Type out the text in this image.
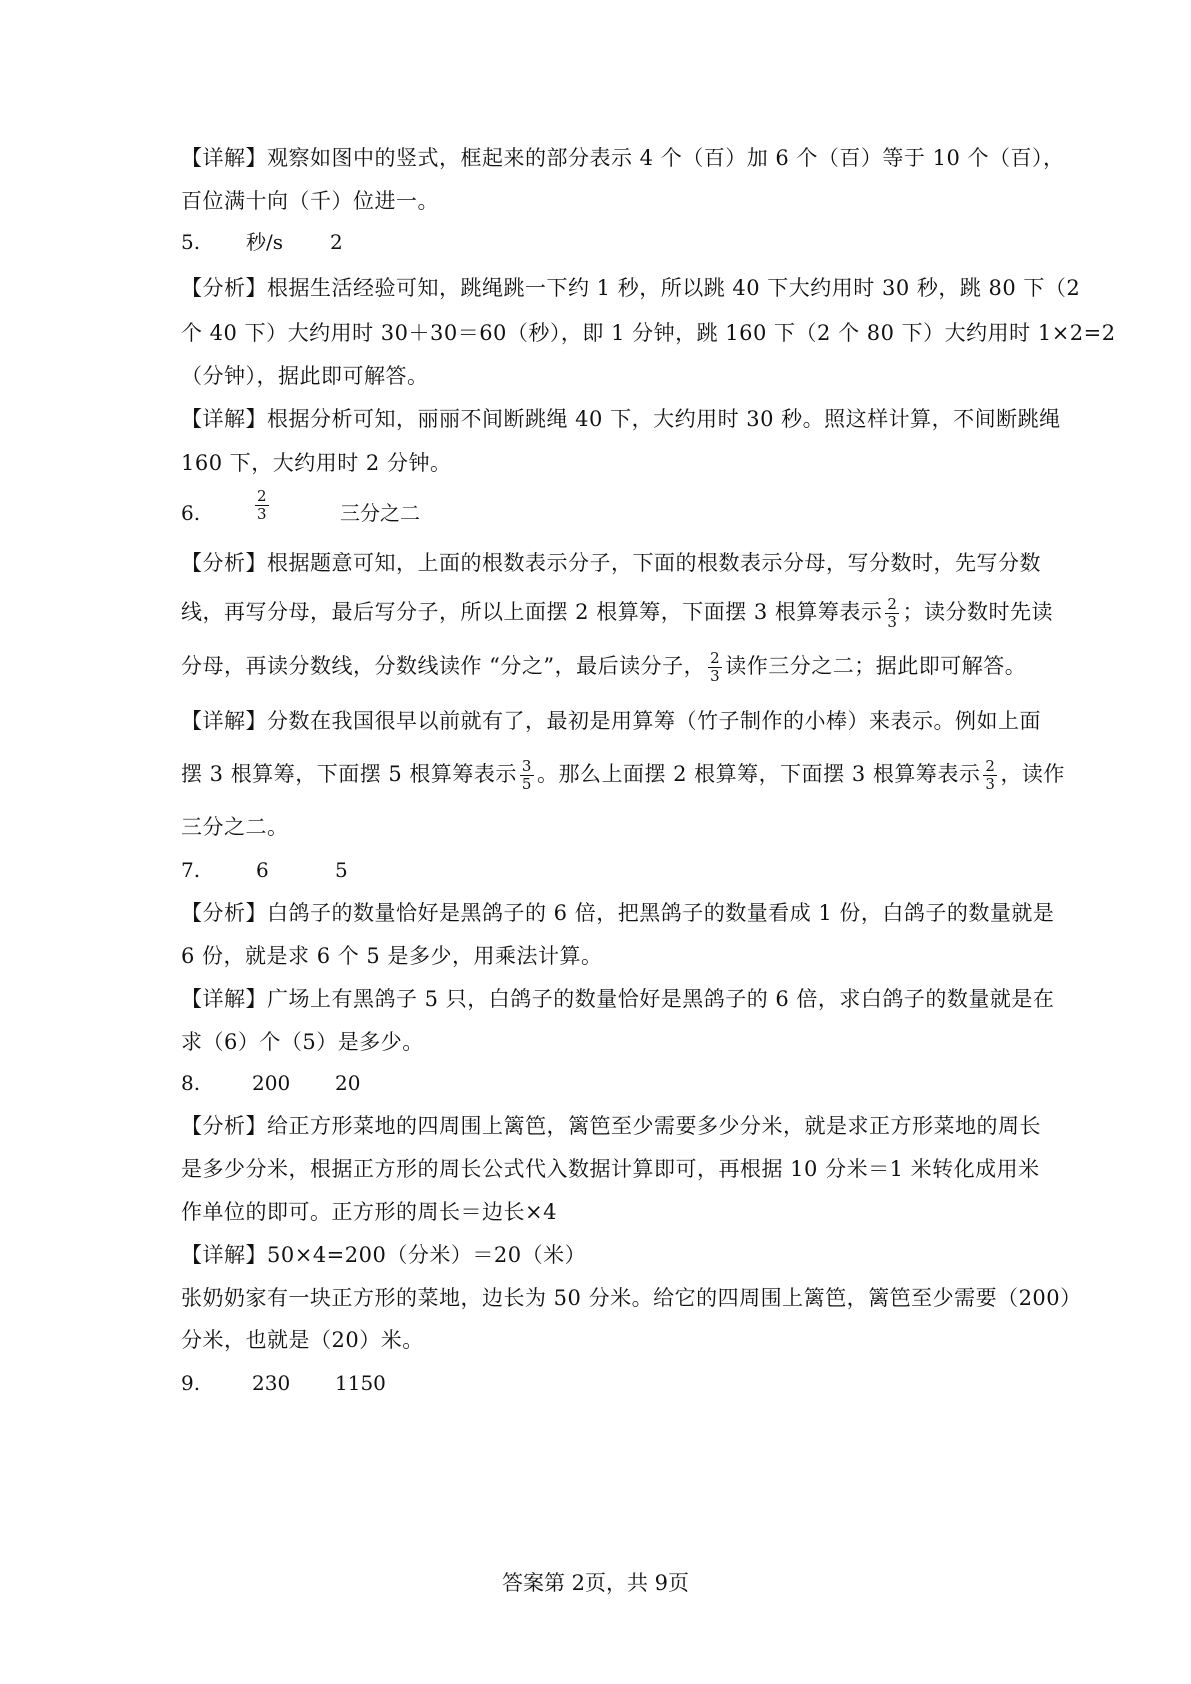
【详解】观察如图中的竖式，框起来的部分表示 4 个（百）加 6 个（百）等于 10 个（百），
百位满十向（千）位进一。
5. 秒/s 2
【分析】根据生活经验可知，跳绳跳一下约 1 秒，所以跳 40 下大约用时 30 秒，跳 80 下（2
个 40 下）大约用时 30＋30＝60（秒），即 1 分钟，跳 160 下（2 个 80 下）大约用时 1×2=2
（分钟），据此即可解答。
【详解】根据分析可知，丽丽不间断跳绳 40 下，大约用时 30 秒。照这样计算，不间断跳绳
160 下，大约用时 2 分钟。
6.	$\frac{2}{3}$	三分之二
【分析】根据题意可知，上面的根数表示分子，下面的根数表示分母，写分数时，先写分数
线，再写分母，最后写分子，所以上面摆 2 根算筹，下面摆 3 根算筹表示 $\frac{2}{3}$ ；读分数时先读
分母，再读分数线，分数线读作 “分之”，最后读分子， $\frac{2}{3}$ 读作三分之二；据此即可解答。
【详解】分数在我国很早以前就有了，最初是用算筹（竹子制作的小棒）来表示。例如上面
摆 3 根算筹，下面摆 5 根算筹表示 $\frac{3}{5}$ 。那么上面摆 2 根算筹，下面摆 3 根算筹表示 $\frac{2}{3}$ ，读作
三分之二。
7.	6	5
【分析】白鸽子的数量恰好是黑鸽子的 6 倍，把黑鸽子的数量看成 1 份，白鸽子的数量就是
6 份，就是求 6 个 5 是多少，用乘法计算。
【详解】广场上有黑鸽子 5 只，白鸽子的数量恰好是黑鸽子的 6 倍，求白鸽子的数量就是在
求（6）个（5）是多少。
8.	200 20
【分析】给正方形菜地的四周围上篱笆，篱笆至少需要多少分米，就是求正方形菜地的周长
是多少分米，根据正方形的周长公式代入数据计算即可，再根据 10 分米＝1 米转化成用米
作单位的即可。正方形的周长＝边长×4
【详解】50×4=200（分米）＝20（米）
张奶奶家有一块正方形的菜地，边长为 50 分米。给它的四周围上篱笆，篱笆至少需要（200）
分米，也就是（20）米。
9.	230 1150
答案第 2页，共 9页
